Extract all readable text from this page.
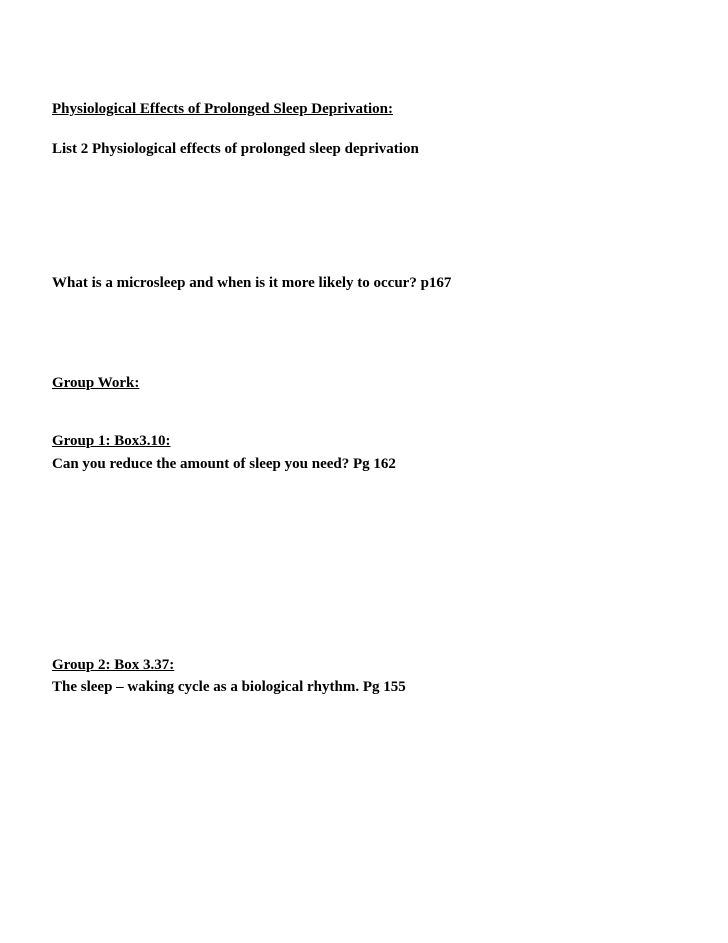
Physiological Effects of Prolonged Sleep Deprivation:
List 2 Physiological effects of prolonged sleep deprivation
What is a microsleep and when is it more likely to occur? p167
Group Work:
Group 1: Box3.10:
Can you reduce the amount of sleep you need? Pg 162
Group 2: Box 3.37:
The sleep – waking cycle as a biological rhythm. Pg 155
